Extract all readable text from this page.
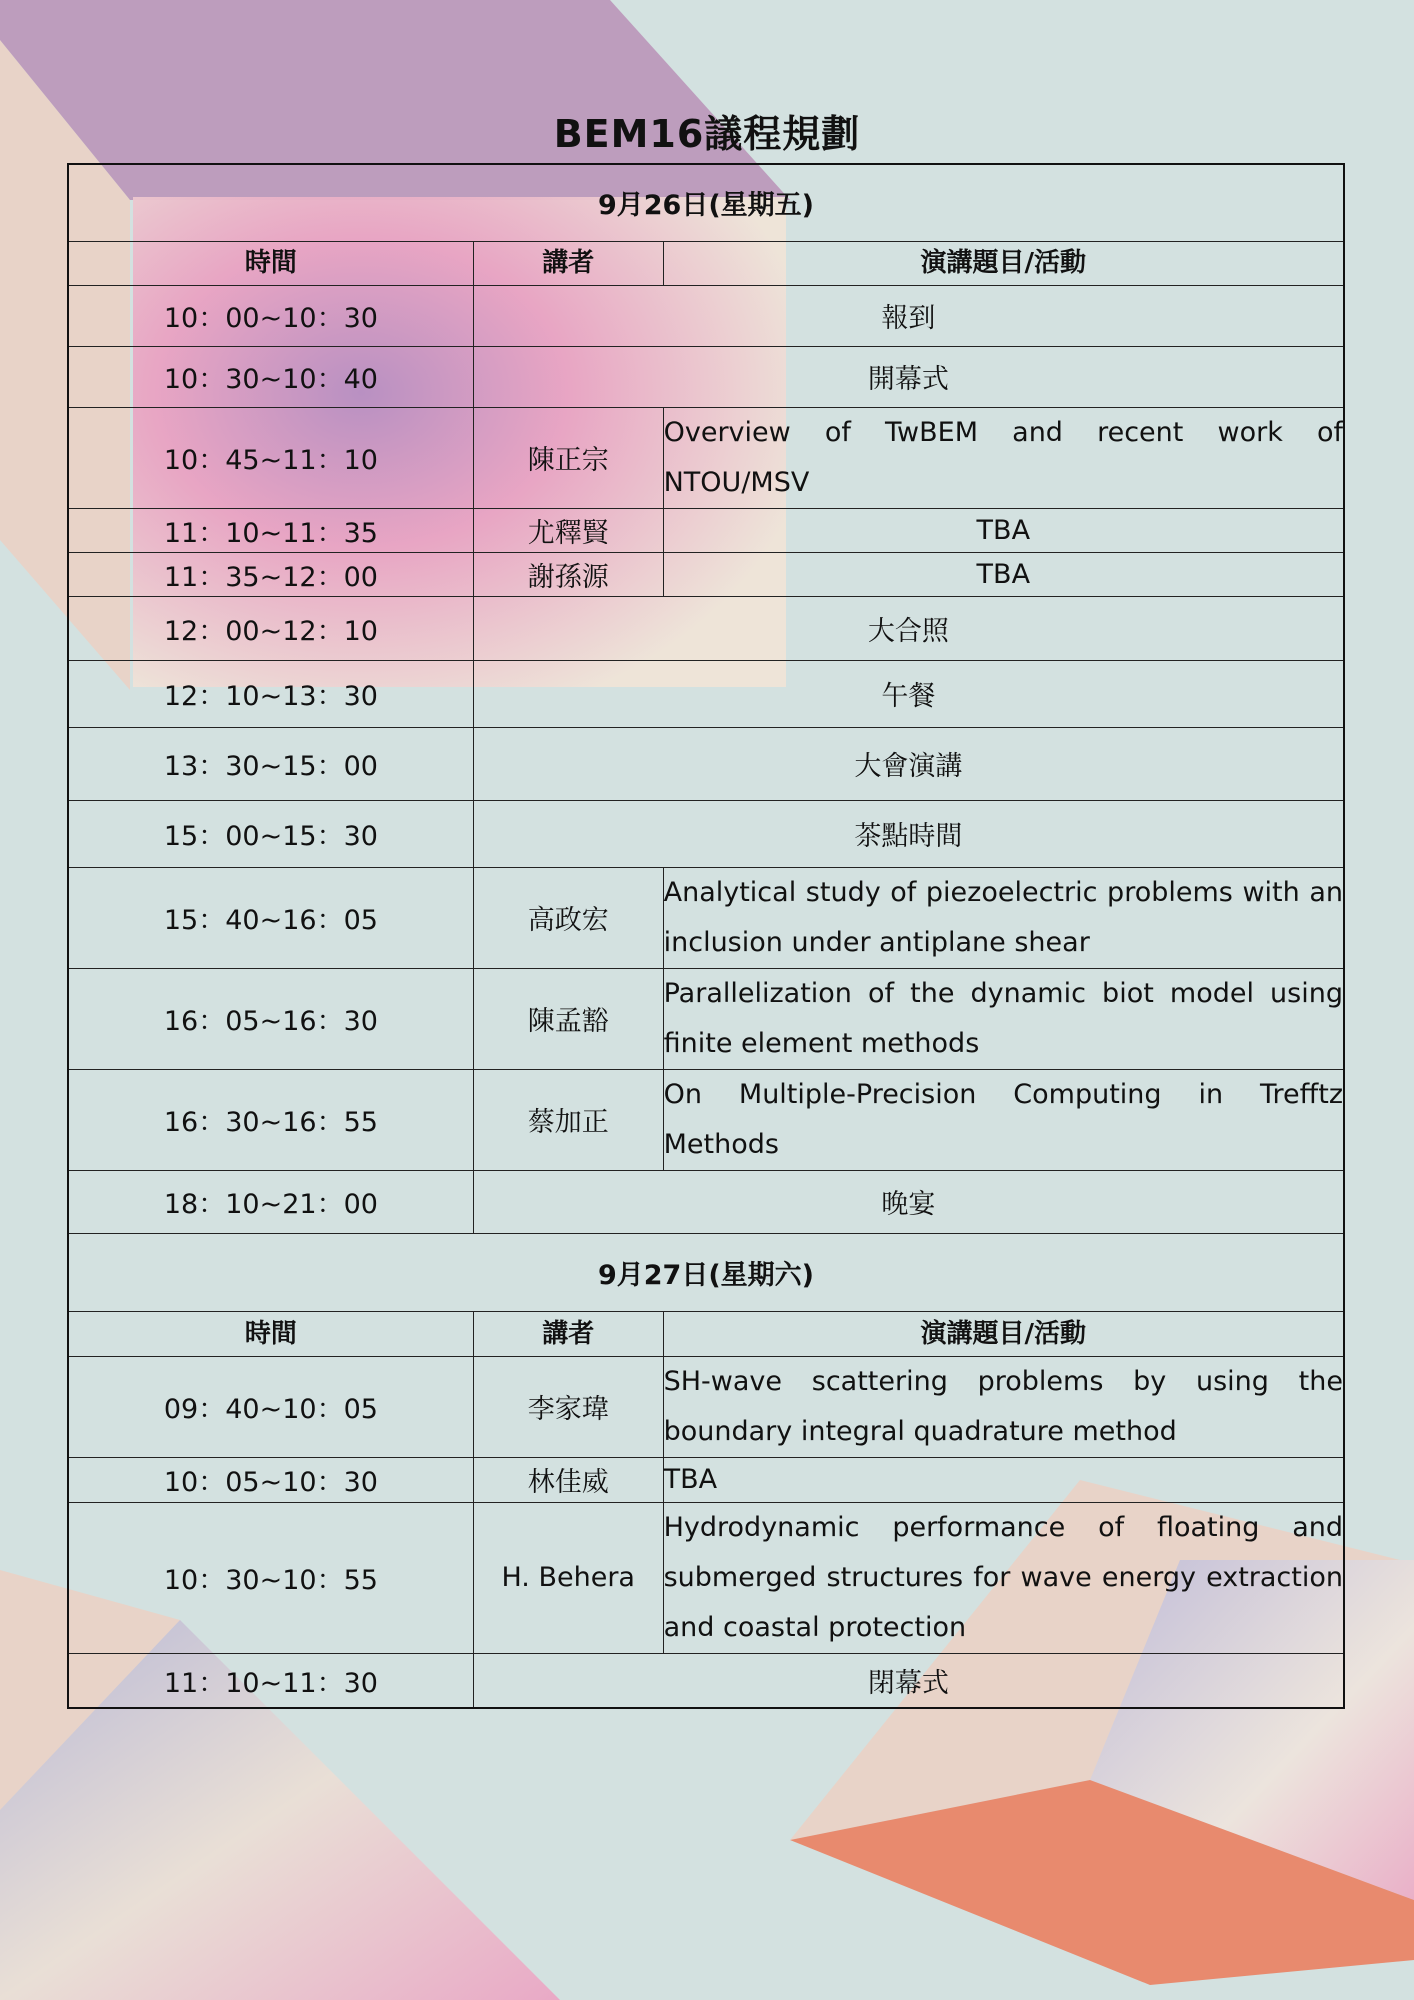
BEM16議程規劃
9月26日(星期五)		
時間	講者	演講題目/活動
10：00~10：30	報到	
10：30~10：40	開幕式	
10：45~11：10	陳正宗	Overview of TwBEM and recent work of NTOU/MSV
11：10~11：35	尤釋賢	TBA
11：35~12：00	謝孫源	TBA
12：00~12：10	大合照	
12：10~13：30	午餐	
13：30~15：00	大會演講	
15：00~15：30	茶點時間	
15：40~16：05	高政宏	Analytical study of piezoelectric problems with an inclusion under antiplane shear
16：05~16：30	陳孟豁	Parallelization of the dynamic biot model using finite element methods
16：30~16：55	蔡加正	On Multiple-Precision Computing in Trefftz Methods
18：10~21：00	晚宴	
9月27日(星期六)		
時間	講者	演講題目/活動
09：40~10：05	李家瑋	SH-wave scattering problems by using the boundary integral quadrature method
10：05~10：30	林佳威	TBA
10：30~10：55	H. Behera	Hydrodynamic performance of floating and submerged structures for wave energy extraction and coastal protection
11：10~11：30	閉幕式	
